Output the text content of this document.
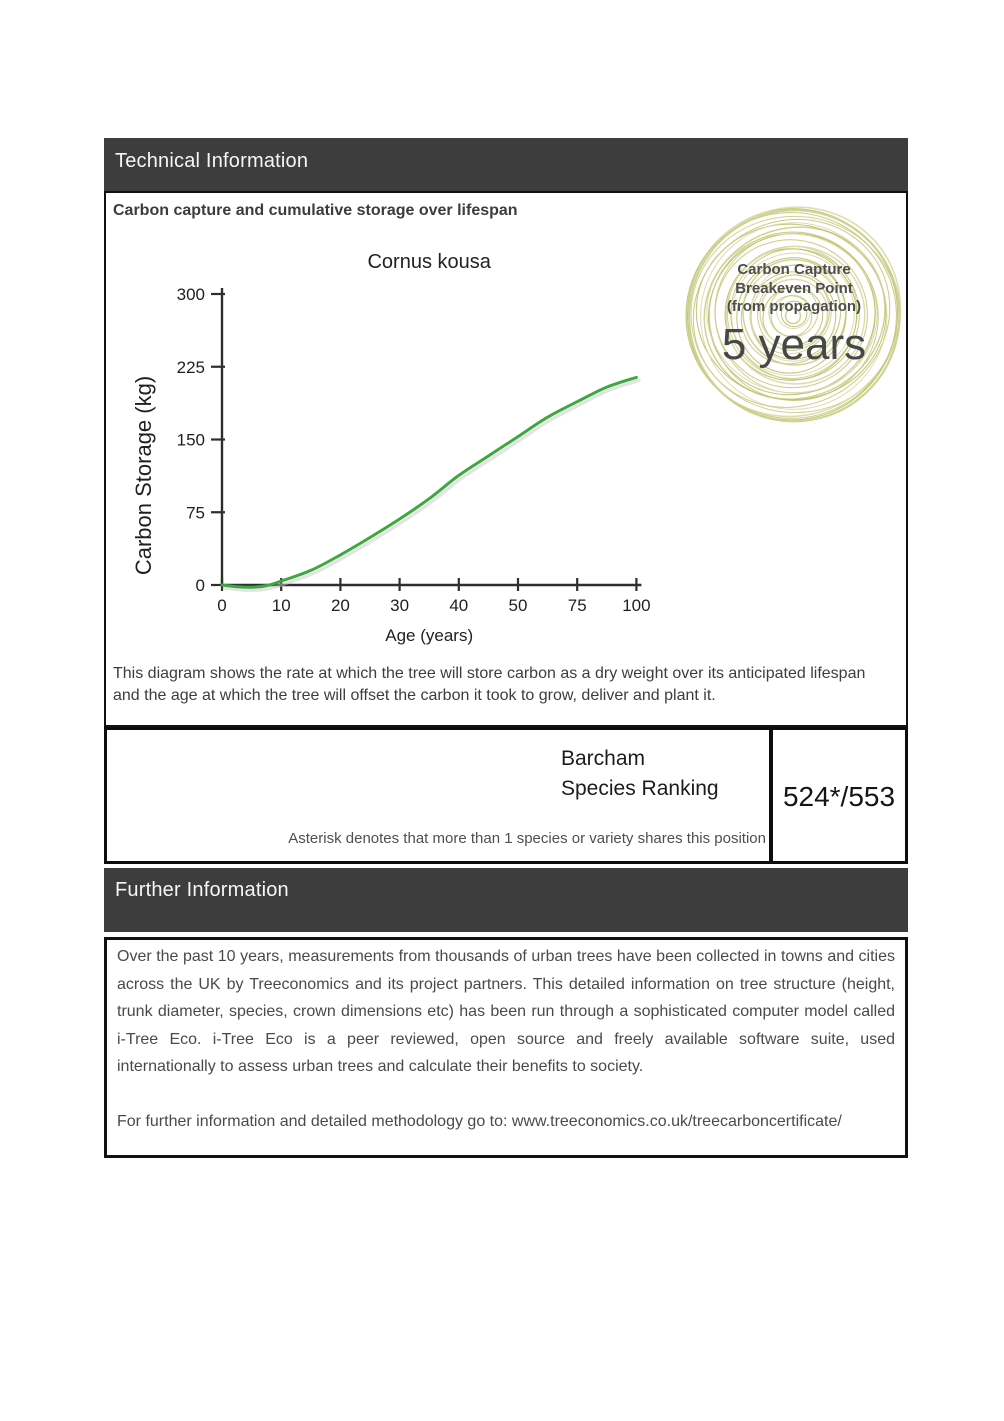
Technical Information
Carbon capture and cumulative storage over lifespan
Cornus kousa
0	10 20 30 40 50 75 100
0
75
150
225
300
Age (years)
Carbon Storage (kg)
Carbon Capture
Breakeven Point
(from propagation)
5 years
This diagram shows the rate at which the tree will store carbon as a dry weight over its anticipated lifespan and the age at which the tree will offset the carbon it took to grow, deliver and plant it.
Barcham
Species Ranking
Asterisk denotes that more than 1 species or variety shares this position
524*/553
Further Information

Over the past 10 years, measurements from thousands of urban trees have been collected in towns and cities across the UK by Treeconomics and its project partners. This detailed information on tree structure (height, trunk diameter, species, crown dimensions etc) has been run through a sophisticated computer model called i-Tree Eco. i-Tree Eco is a peer reviewed, open source and freely available software suite, used internationally to assess urban trees and calculate their benefits to society.

For further information and detailed methodology go to: www.treeconomics.co.uk/treecarboncertificate/
